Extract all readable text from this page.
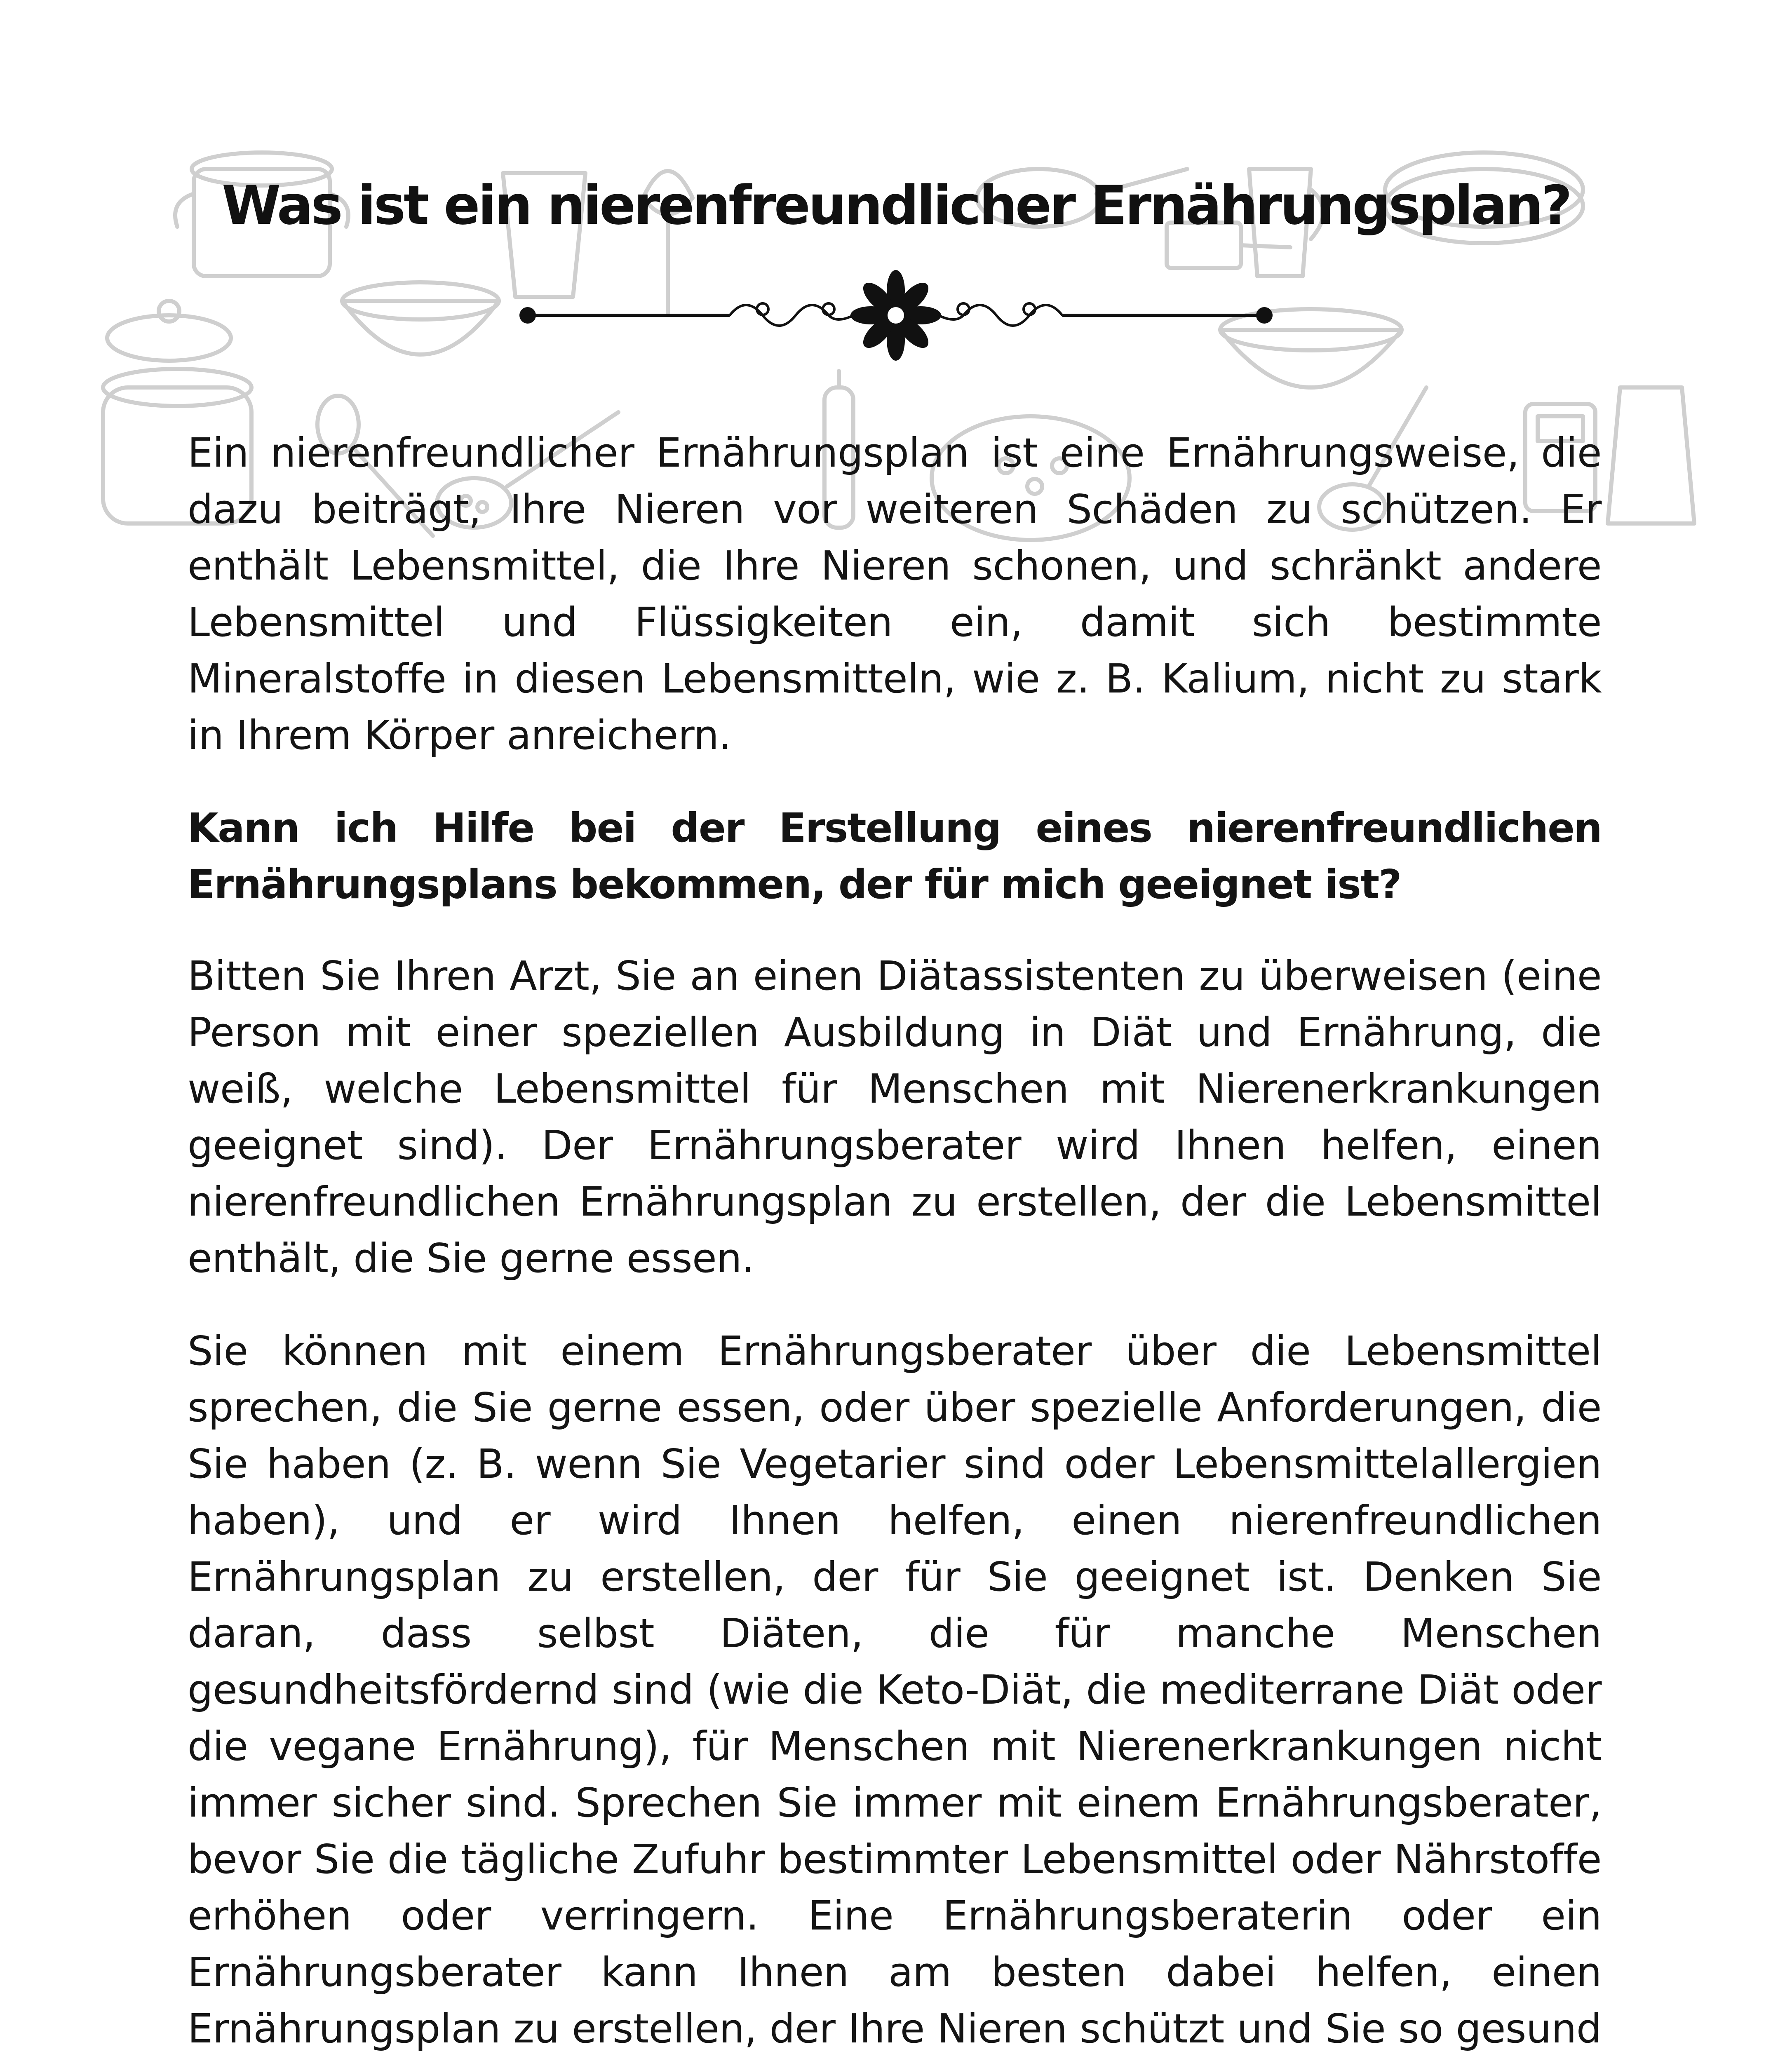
Was ist ein nierenfreundlicher Ernährungsplan?

Ein nierenfreundlicher Ernährungsplan ist eine Ernährungsweise, die dazu beiträgt, Ihre Nieren vor weiteren Schäden zu schützen. Er enthält Lebensmittel, die Ihre Nieren schonen, und schränkt andere Lebensmittel und Flüssigkeiten ein, damit sich bestimmte Mineralstoffe in diesen Lebensmitteln, wie z. B. Kalium, nicht zu stark in Ihrem Körper anreichern.

Kann ich Hilfe bei der Erstellung eines nierenfreundlichen Ernährungsplans bekommen, der für mich geeignet ist?

Bitten Sie Ihren Arzt, Sie an einen Diätassistenten zu überweisen (eine Person mit einer speziellen Ausbildung in Diät und Ernährung, die weiß, welche Lebensmittel für Menschen mit Nierenerkrankungen geeignet sind). Der Ernährungsberater wird Ihnen helfen, einen nierenfreundlichen Ernährungsplan zu erstellen, der die Lebensmittel enthält, die Sie gerne essen.

Sie können mit einem Ernährungsberater über die Lebensmittel sprechen, die Sie gerne essen, oder über spezielle Anforderungen, die Sie haben (z. B. wenn Sie Vegetarier sind oder Lebensmittelallergien haben), und er wird Ihnen helfen, einen nierenfreundlichen Ernährungsplan zu erstellen, der für Sie geeignet ist. Denken Sie daran, dass selbst Diäten, die für manche Menschen gesundheitsfördernd sind (wie die Keto-Diät, die mediterrane Diät oder die vegane Ernährung), für Menschen mit Nierenerkrankungen nicht immer sicher sind. Sprechen Sie immer mit einem Ernährungsberater, bevor Sie die tägliche Zufuhr bestimmter Lebensmittel oder Nährstoffe erhöhen oder verringern. Eine Ernährungsberaterin oder ein Ernährungsberater kann Ihnen am besten dabei helfen, einen Ernährungsplan zu erstellen, der Ihre Nieren schützt und Sie so gesund
